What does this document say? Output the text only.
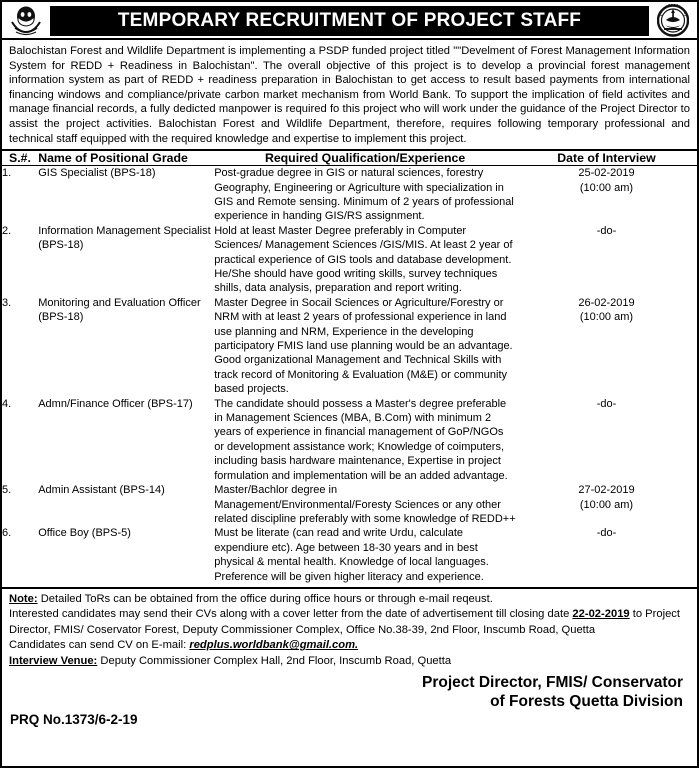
TEMPORARY RECRUITMENT OF PROJECT STAFF
Balochistan Forest and Wildlife Department is implementing a PSDP funded project titled ""Develment of Forest Management Information System for REDD + Readiness in Balochistan". The overall objective of this project is to develop a provincial forest management information system as part of REDD + readiness preparation in Balochistan to get access to result based payments from international financing windows and compliance/private carbon market mechanism from World Bank. To support the implication of field activites and manage financial records, a fully dedicted manpower is required fo this project who will work under the guidance of the Project Director to assist the project activities. Balochistan Forest and Wildlife Department, therefore, requires following temporary professional and technical staff equipped with the required knowledge and expertise to implement this project.
S.#.	Name of Positional Grade	Required Qualification/Experience	Date of Interview
1.	GIS Specialist (BPS-18)	Post-gradue degree in GIS or natural sciences, forestry Geography, Engineering or Agriculture with specialization in GIS and Remote sensing. Minimum of 2 years of professional experience in handing GIS/RS assignment.	25-02-2019
(10:00 am)

2.	Information Management Specialist (BPS-18)	Hold at least Master Degree preferably in Computer Sciences/ Management Sciences /GIS/MIS. At least 2 year of practical experience of GIS tools and database development. He/She should have good writing skills, survey techniques shills, data analysis, preparation and report writing.	-do-

3.	Monitoring and Evaluation Officer (BPS-18)	Master Degree in Socail Sciences or Agriculture/Forestry or NRM with at least 2 years of professional experience in land use planning and NRM, Experience in the developing participatory FMIS land use planning would be an advantage. Good organizational Management and Technical Skills with track record of Monitoring & Evaluation (M&E) or community based projects.	26-02-2019
(10:00 am)

4.	Admn/Finance Officer (BPS-17)	The candidate should possess a Master's degree preferable in Management Sciences (MBA, B.Com) with minimum 2 years of experience in financial management of GoP/NGOs or development assistance work; Knowledge of coimputers, including basis hardware maintenance, Expertise in project formulation and implementation will be an added advantage.	-do-

5.	Admin Assistant (BPS-14)	Master/Bachlor degree in Management/Environmental/Foresty Sciences or any other related discipline preferably with some knowledge of REDD++	27-02-2019
(10:00 am)

6.	Office Boy (BPS-5)	Must be literate (can read and write Urdu, calculate expendiure etc). Age between 18-30 years and in best physical & mental health. Knowledge of local languages. Preference will be given higher literacy and experience.	-do-
Note: Detailed ToRs can be obtained from the office during office hours or through e-mail reqeust.
Interested candidates may send their CVs along with a cover letter from the date of advertisement till closing date 22-02-2019 to Project Director, FMIS/ Coservator Forest, Deputy Commissioner Complex, Office No.38-39, 2nd Floor, Inscumb Road, Quetta
Candidates can send CV on E-mail: redplus.worldbank@gmail.com.
Interview Venue: Deputy Commissioner Complex Hall, 2nd Floor, Inscumb Road, Quetta
Project Director, FMIS/ Conservator
of Forests Quetta Division
PRQ No.1373/6-2-19
